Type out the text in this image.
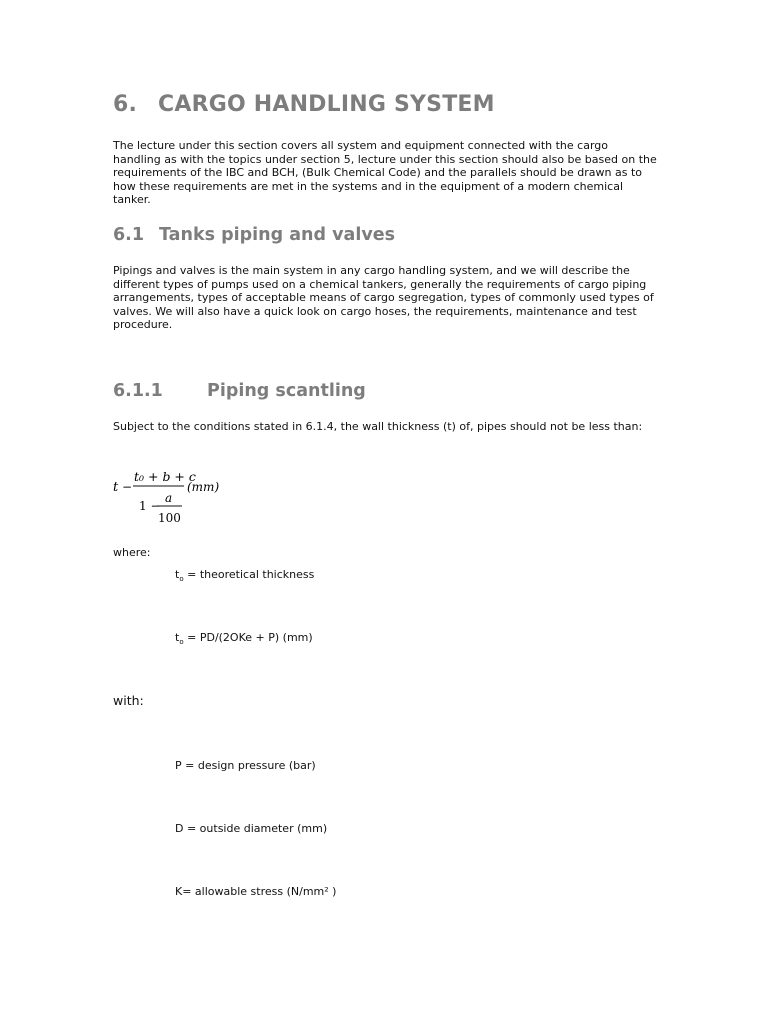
6. CARGO HANDLING SYSTEM
The lecture under this section covers all system and equipment connected with the cargo handling as with the topics under section 5, lecture under this section should also be based on the requirements of the IBC and BCH, (Bulk Chemical Code) and the parallels should be drawn as to how these requirements are met in the systems and in the equipment of a modern chemical tanker.
6.1 Tanks piping and valves
Pipings and valves is the main system in any cargo handling system, and we will describe the different types of pumps used on a chemical tankers, generally the requirements of cargo piping arrangements, types of acceptable means of cargo segregation, types of commonly used types of valves. We will also have a quick look on cargo hoses, the requirements, maintenance and test procedure.
6.1.1	Piping scantling
Subject to the conditions stated in 6.1.4, the wall thickness (t) of, pipes should not be less than:
t −
t₀ + b + c
(mm)
1 −
a
100
where:
$t_o$ = theoretical thickness
$t_o = PD/(2OKe + P)$ (mm)
with:
P = design pressure (bar)
D = outside diameter (mm)
K= allowable stress (N/mm² )
